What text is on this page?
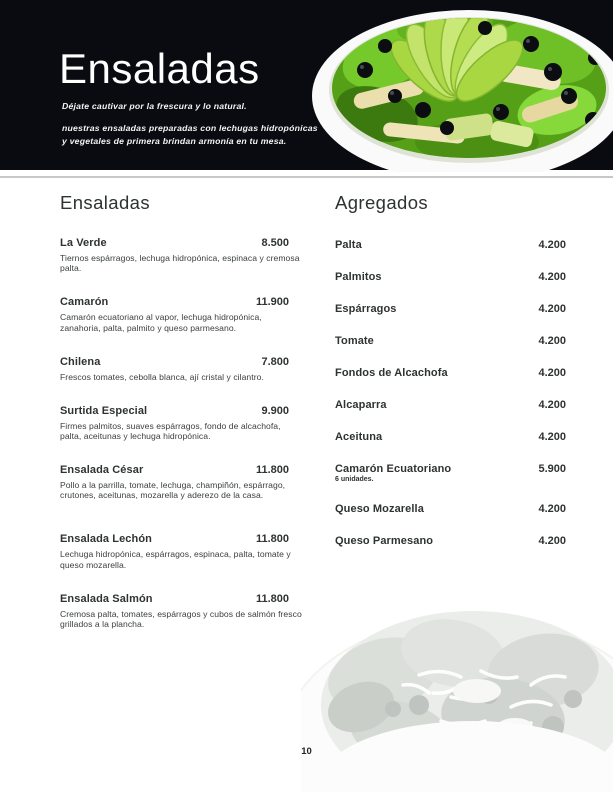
Ensaladas

Déjate cautivar por la frescura y lo natural.

nuestras ensaladas preparadas con lechugas hidropónicas
y vegetales de primera brindan armonía en tu mesa.
Ensaladas
La Verde	8.500

Tiernos espárragos, lechuga hidropónica, espinaca y cremosa palta.

Camarón	11.900

Camarón ecuatoriano al vapor, lechuga hidropónica, zanahoria, palta, palmito y queso parmesano.

Chilena	7.800

Frescos tomates, cebolla blanca, ají cristal y cilantro.

Surtida Especial	9.900

Firmes palmitos, suaves espárragos, fondo de alcachofa, palta, aceitunas y lechuga hidropónica.

Ensalada César	11.800

Pollo a la parrilla, tomate, lechuga, champiñón, espárrago, crutones, aceitunas, mozarella y aderezo de la casa.

Ensalada Lechón	11.800

Lechuga hidropónica, espárragos, espinaca, palta, tomate y queso mozarella.

Ensalada Salmón	11.800

Cremosa palta, tomates, espárragos y cubos de salmón fresco grillados a la plancha.

Agregados
Palta	4.200
Palmitos	4.200
Espárragos	4.200
Tomate	4.200
Fondos de Alcachofa	4.200
Alcaparra	4.200
Aceituna	4.200
Camarón Ecuatoriano	5.900

6 unidades.

Queso Mozarella	4.200
Queso Parmesano	4.200
10
